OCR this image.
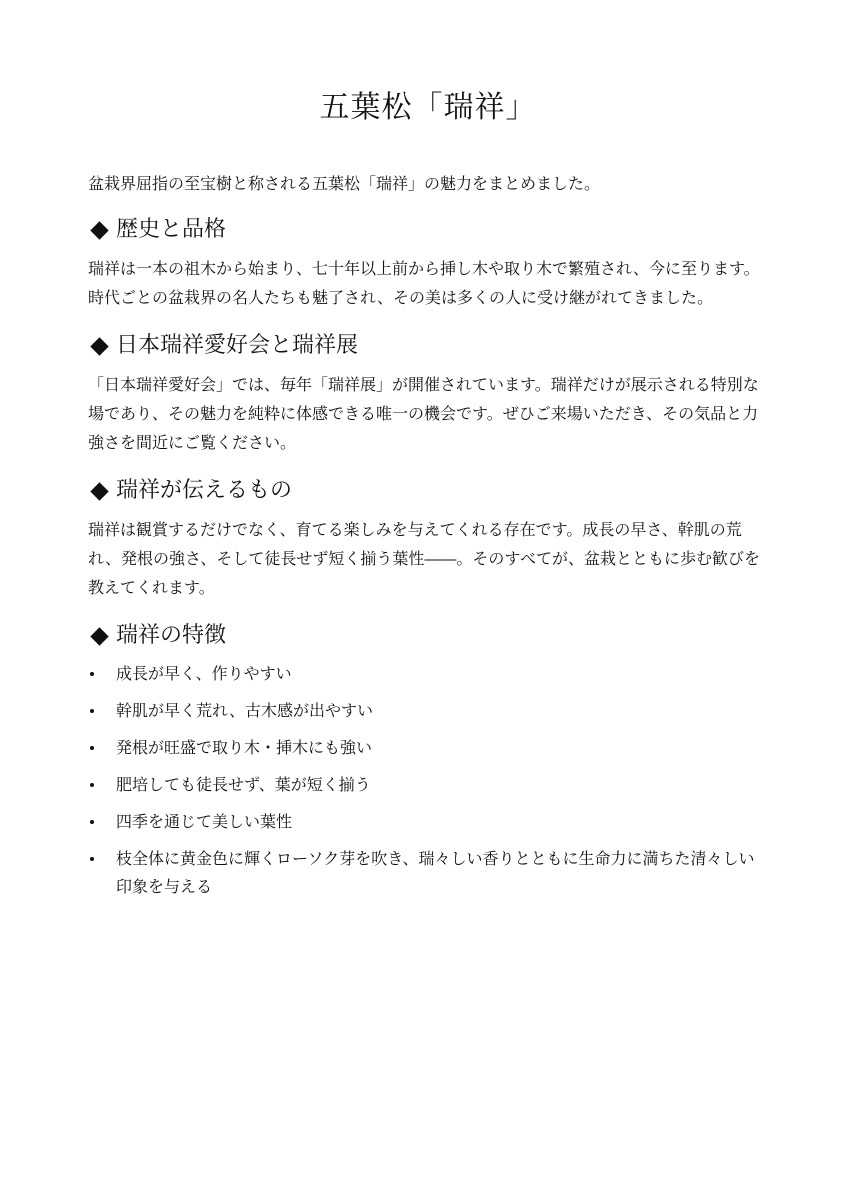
五葉松「瑞祥」

盆栽界屈指の至宝樹と称される五葉松「瑞祥」の魅力をまとめました。

歴史と品格

瑞祥は一本の祖木から始まり、七十年以上前から挿し木や取り木で繁殖され、今に至ります。時代ごとの盆栽界の名人たちも魅了され、その美は多くの人に受け継がれてきました。

日本瑞祥愛好会と瑞祥展

「日本瑞祥愛好会」では、毎年「瑞祥展」が開催されています。瑞祥だけが展示される特別な場であり、その魅力を純粋に体感できる唯一の機会です。ぜひご来場いただき、その気品と力強さを間近にご覧ください。

瑞祥が伝えるもの

瑞祥は観賞するだけでなく、育てる楽しみを与えてくれる存在です。成長の早さ、幹肌の荒れ、発根の強さ、そして徒長せず短く揃う葉性――。そのすべてが、盆栽とともに歩む歓びを教えてくれます。

瑞祥の特徴
成長が早く、作りやすい
幹肌が早く荒れ、古木感が出やすい
発根が旺盛で取り木・挿木にも強い
肥培しても徒長せず、葉が短く揃う
四季を通じて美しい葉性
枝全体に黄金色に輝くローソク芽を吹き、瑞々しい香りとともに生命力に満ちた清々しい印象を与える
